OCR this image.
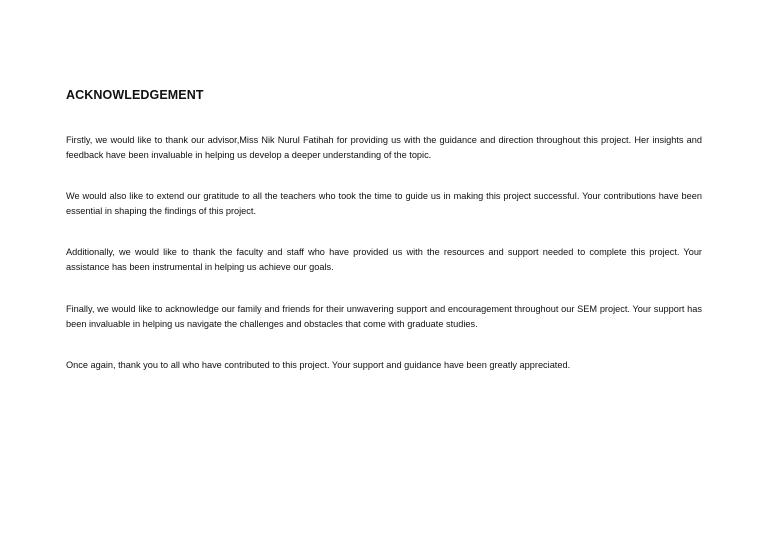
ACKNOWLEDGEMENT

Firstly, we would like to thank our advisor,Miss Nik Nurul Fatihah for providing us with the guidance and direction throughout this project. Her insights and feedback have been invaluable in helping us develop a deeper understanding of the topic.

We would also like to extend our gratitude to all the teachers who took the time to guide us in making this project successful. Your contributions have been essential in shaping the findings of this project.

Additionally, we would like to thank the faculty and staff who have provided us with the resources and support needed to complete this project. Your assistance has been instrumental in helping us achieve our goals.

Finally, we would like to acknowledge our family and friends for their unwavering support and encouragement throughout our SEM project. Your support has been invaluable in helping us navigate the challenges and obstacles that come with graduate studies.

Once again, thank you to all who have contributed to this project. Your support and guidance have been greatly appreciated.
